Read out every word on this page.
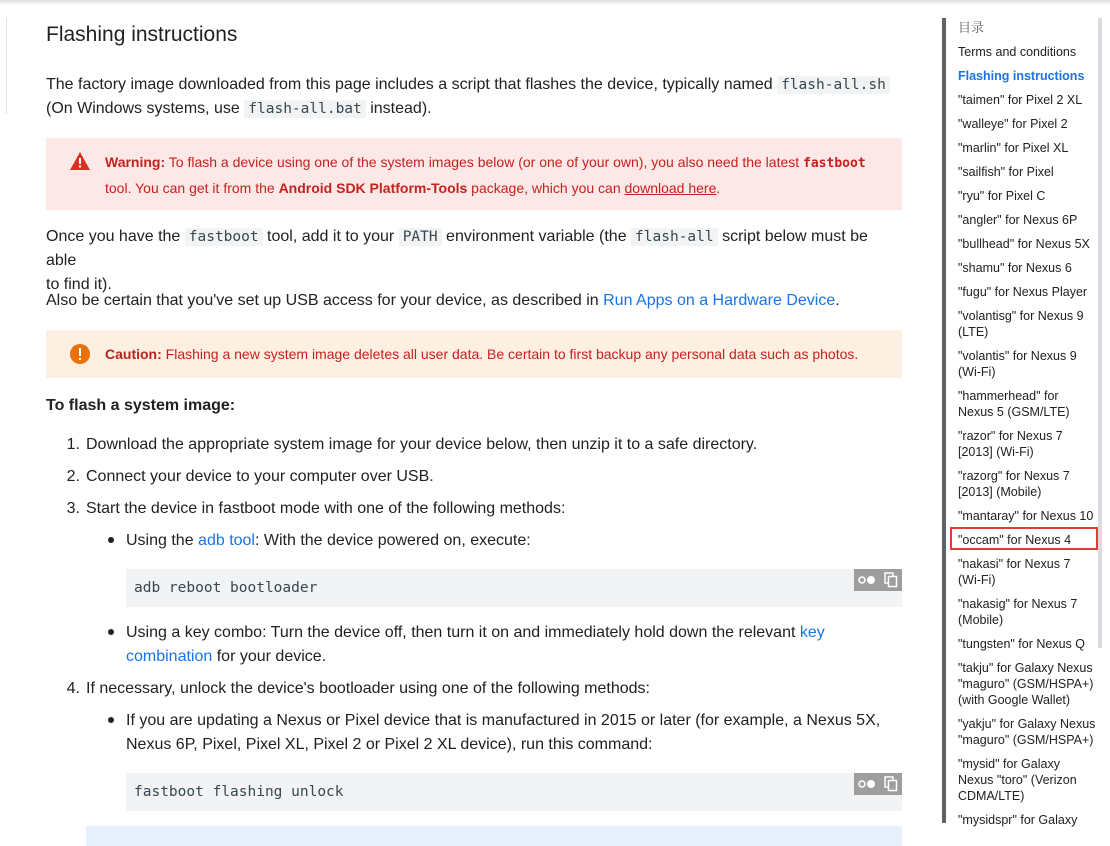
Flashing instructions

The factory image downloaded from this page includes a script that flashes the device, typically named flash-all.sh
(On Windows systems, use flash-all.bat instead).

Warning: To flash a device using one of the system images below (or one of your own), you also need the latest fastboot
tool. You can get it from the Android SDK Platform-Tools package, which you can download here.

Once you have the fastboot tool, add it to your PATH environment variable (the flash-all script below must be able
to find it).

Also be certain that you've set up USB access for your device, as described in Run Apps on a Hardware Device.

Caution: Flashing a new system image deletes all user data. Be certain to first backup any personal data such as photos.

To flash a system image:

1. Download the appropriate system image for your device below, then unzip it to a safe directory.
2. Connect your device to your computer over USB.
3. Start the device in fastboot mode with one of the following methods:
Using the adb tool: With the device powered on, execute:
adb reboot bootloader
Using a key combo: Turn the device off, then turn it on and immediately hold down the relevant key
combination for your device.
4. If necessary, unlock the device's bootloader using one of the following methods:
If you are updating a Nexus or Pixel device that is manufactured in 2015 or later (for example, a Nexus 5X,
Nexus 6P, Pixel, Pixel XL, Pixel 2 or Pixel 2 XL device), run this command:
fastboot flashing unlock
目录
Terms and conditions
Flashing instructions
"taimen" for Pixel 2 XL
"walleye" for Pixel 2
"marlin" for Pixel XL
"sailfish" for Pixel
"ryu" for Pixel C
"angler" for Nexus 6P
"bullhead" for Nexus 5X
"shamu" for Nexus 6
"fugu" for Nexus Player
"volantisg" for Nexus 9
(LTE)
"volantis" for Nexus 9
(Wi-Fi)
"hammerhead" for
Nexus 5 (GSM/LTE)
"razor" for Nexus 7
[2013] (Wi-Fi)
"razorg" for Nexus 7
[2013] (Mobile)
"mantaray" for Nexus 10
"occam" for Nexus 4
"nakasi" for Nexus 7
(Wi-Fi)
"nakasig" for Nexus 7
(Mobile)
"tungsten" for Nexus Q
"takju" for Galaxy Nexus
"maguro" (GSM/HSPA+)
(with Google Wallet)
"yakju" for Galaxy Nexus
"maguro" (GSM/HSPA+)
"mysid" for Galaxy
Nexus "toro" (Verizon
CDMA/LTE)
"mysidspr" for Galaxy
